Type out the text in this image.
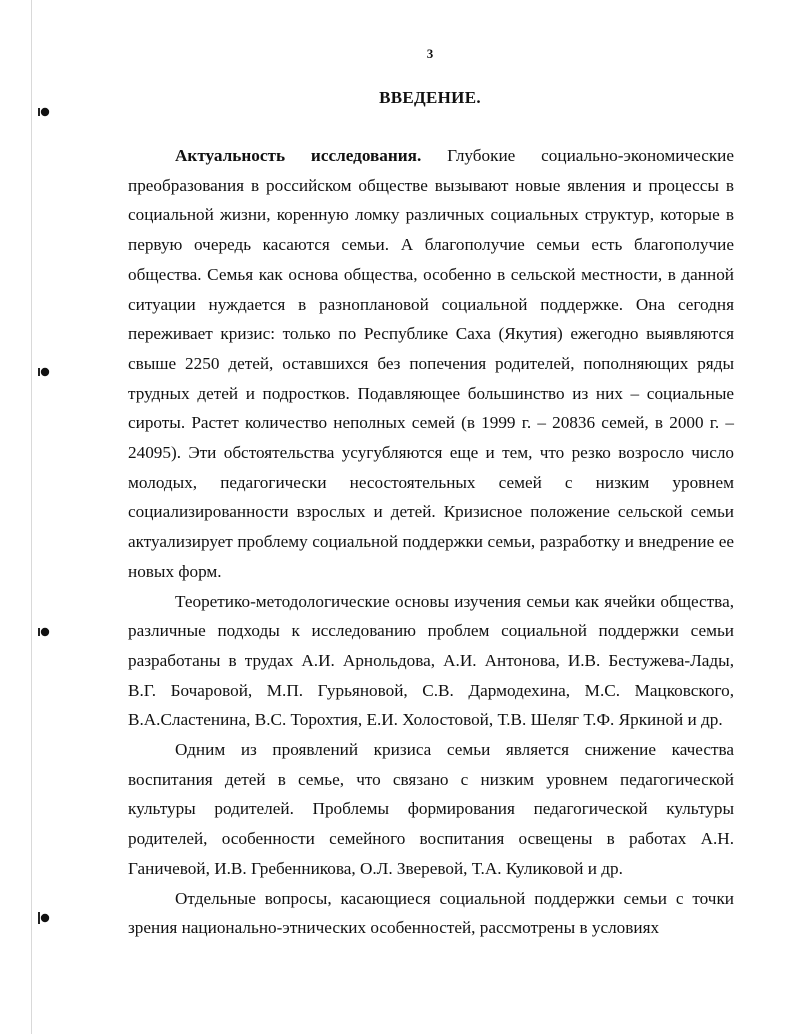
3
ВВЕДЕНИЕ.

Актуальность исследования. Глубокие социально-экономические преобразования в российском обществе вызывают новые явления и процессы в социальной жизни, коренную ломку различных социальных структур, которые в первую очередь касаются семьи. А благополучие семьи есть благополучие общества. Семья как основа общества, особенно в сельской местности, в данной ситуации нуждается в разноплановой социальной поддержке. Она сегодня переживает кризис: только по Республике Саха (Якутия) ежегодно выявляются свыше 2250 детей, оставшихся без попечения родителей, пополняющих ряды трудных детей и подростков. Подавляющее большинство из них – социальные сироты. Растет количество неполных семей (в 1999 г. – 20836 семей, в 2000 г. – 24095). Эти обстоятельства усугубляются еще и тем, что резко возросло число молодых, педагогически несостоятельных семей с низким уровнем социализированности взрослых и детей. Кризисное положение сельской семьи актуализирует проблему социальной поддержки семьи, разработку и внедрение ее новых форм.

Теоретико-методологические основы изучения семьи как ячейки общества, различные подходы к исследованию проблем социальной поддержки семьи разработаны в трудах А.И. Арнольдова, А.И. Антонова, И.В. Бестужева-Лады, В.Г. Бочаровой, М.П. Гурьяновой, С.В. Дармодехина, М.С. Мацковского, В.А.Сластенина, В.С. Торохтия, Е.И. Холостовой, Т.В. Шеляг Т.Ф. Яркиной и др.

Одним из проявлений кризиса семьи является снижение качества воспитания детей в семье, что связано с низким уровнем педагогической культуры родителей. Проблемы формирования педагогической культуры родителей, особенности семейного воспитания освещены в работах А.Н. Ганичевой, И.В. Гребенникова, О.Л. Зверевой, Т.А. Куликовой и др.

Отдельные вопросы, касающиеся социальной поддержки семьи с точки зрения национально-этнических особенностей, рассмотрены в условиях
